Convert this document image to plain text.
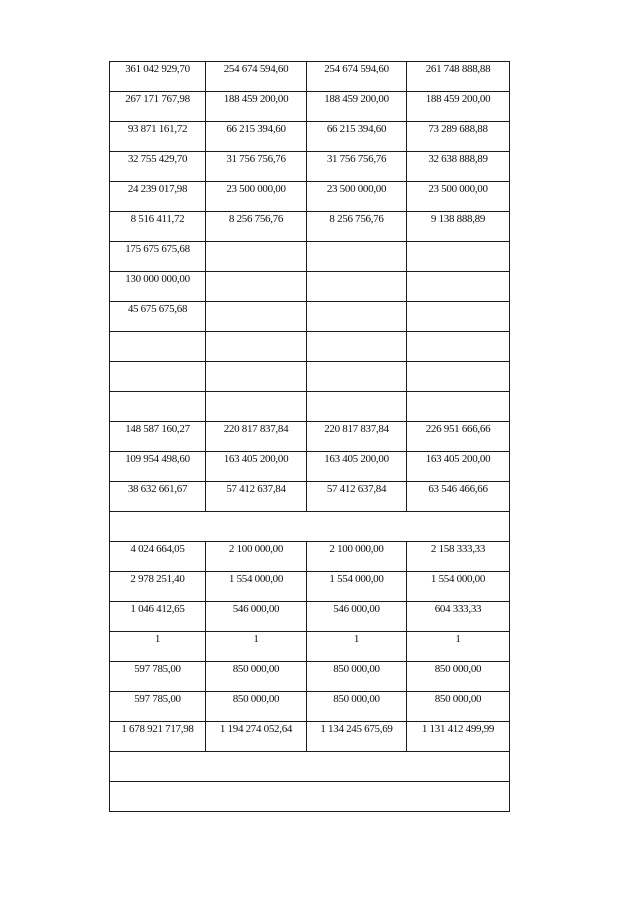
361 042 929,70	254 674 594,60	254 674 594,60	261 748 888,88

267 171 767,98	188 459 200,00	188 459 200,00	188 459 200,00

93 871 161,72	66 215 394,60	66 215 394,60	73 289 688,88

32 755 429,70	31 756 756,76	31 756 756,76	32 638 888,89

24 239 017,98	23 500 000,00	23 500 000,00	23 500 000,00

8 516 411,72	8 256 756,76	8 256 756,76	9 138 888,89

175 675 675,68			

130 000 000,00			

45 675 675,68			

148 587 160,27	220 817 837,84	220 817 837,84	226 951 666,66

109 954 498,60	163 405 200,00	163 405 200,00	163 405 200,00

38 632 661,67	57 412 637,84	57 412 637,84	63 546 466,66

4 024 664,05	2 100 000,00	2 100 000,00	2 158 333,33

2 978 251,40	1 554 000,00	1 554 000,00	1 554 000,00

1 046 412,65	546 000,00	546 000,00	604 333,33

1	1	1	1

597 785,00	850 000,00	850 000,00	850 000,00

597 785,00	850 000,00	850 000,00	850 000,00

1 678 921 717,98	1 194 274 052,64	1 134 245 675,69	1 131 412 499,99
